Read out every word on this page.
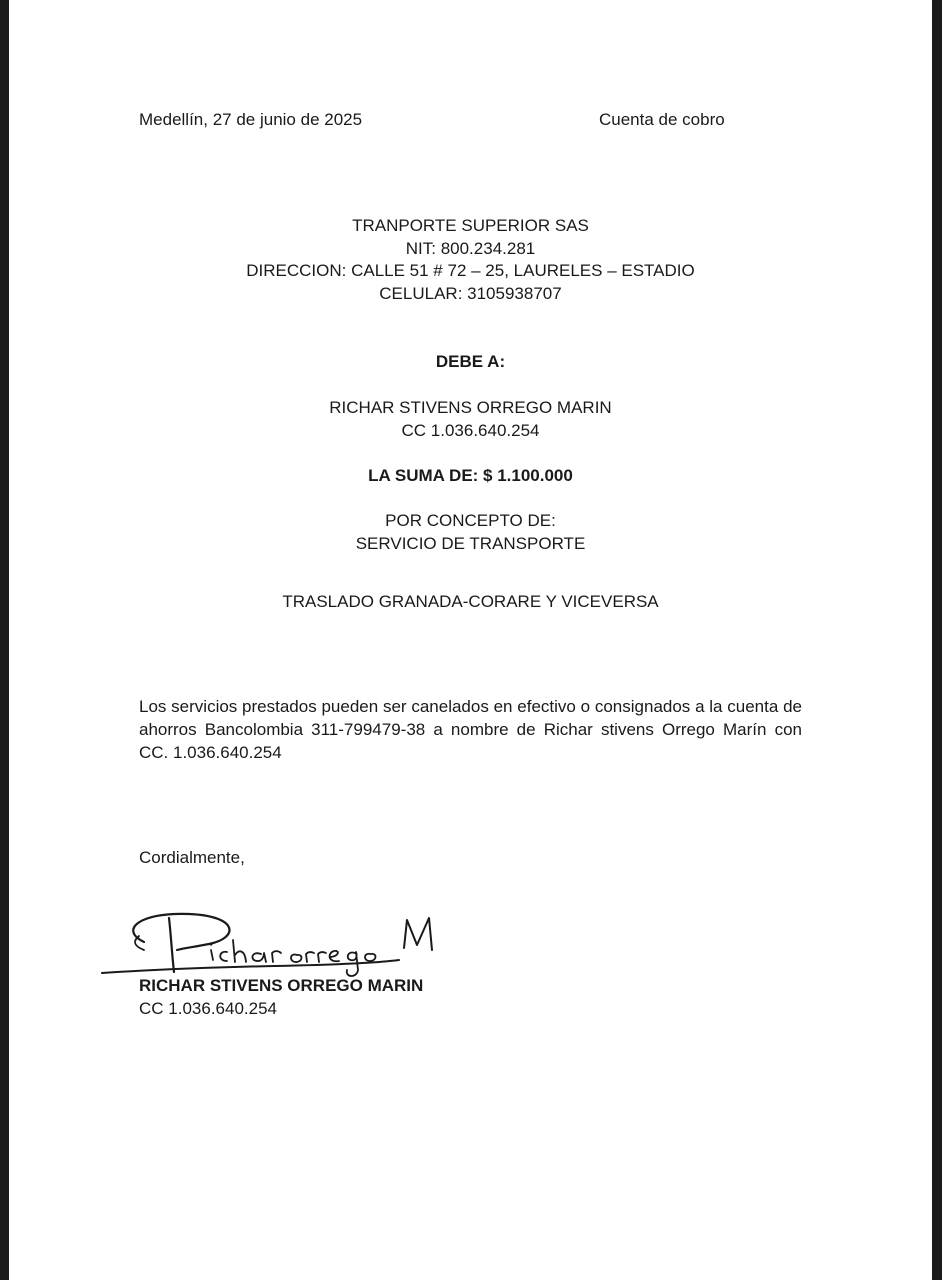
Medellín, 27 de junio de 2025	Cuenta de cobro
TRANPORTE SUPERIOR SAS
NIT: 800.234.281
DIRECCION: CALLE 51 # 72 – 25, LAURELES – ESTADIO
CELULAR: 3105938707
DEBE A:
RICHAR STIVENS ORREGO MARIN
CC 1.036.640.254
LA SUMA DE: $ 1.100.000
POR CONCEPTO DE:
SERVICIO DE TRANSPORTE
TRASLADO GRANADA-CORARE Y VICEVERSA
Los servicios prestados pueden ser canelados en efectivo o consignados a la cuenta de ahorros Bancolombia 311-799479-38 a nombre de Richar stivens Orrego Marín con CC. 1.036.640.254
Cordialmente,
RICHAR STIVENS ORREGO MARIN
CC 1.036.640.254
